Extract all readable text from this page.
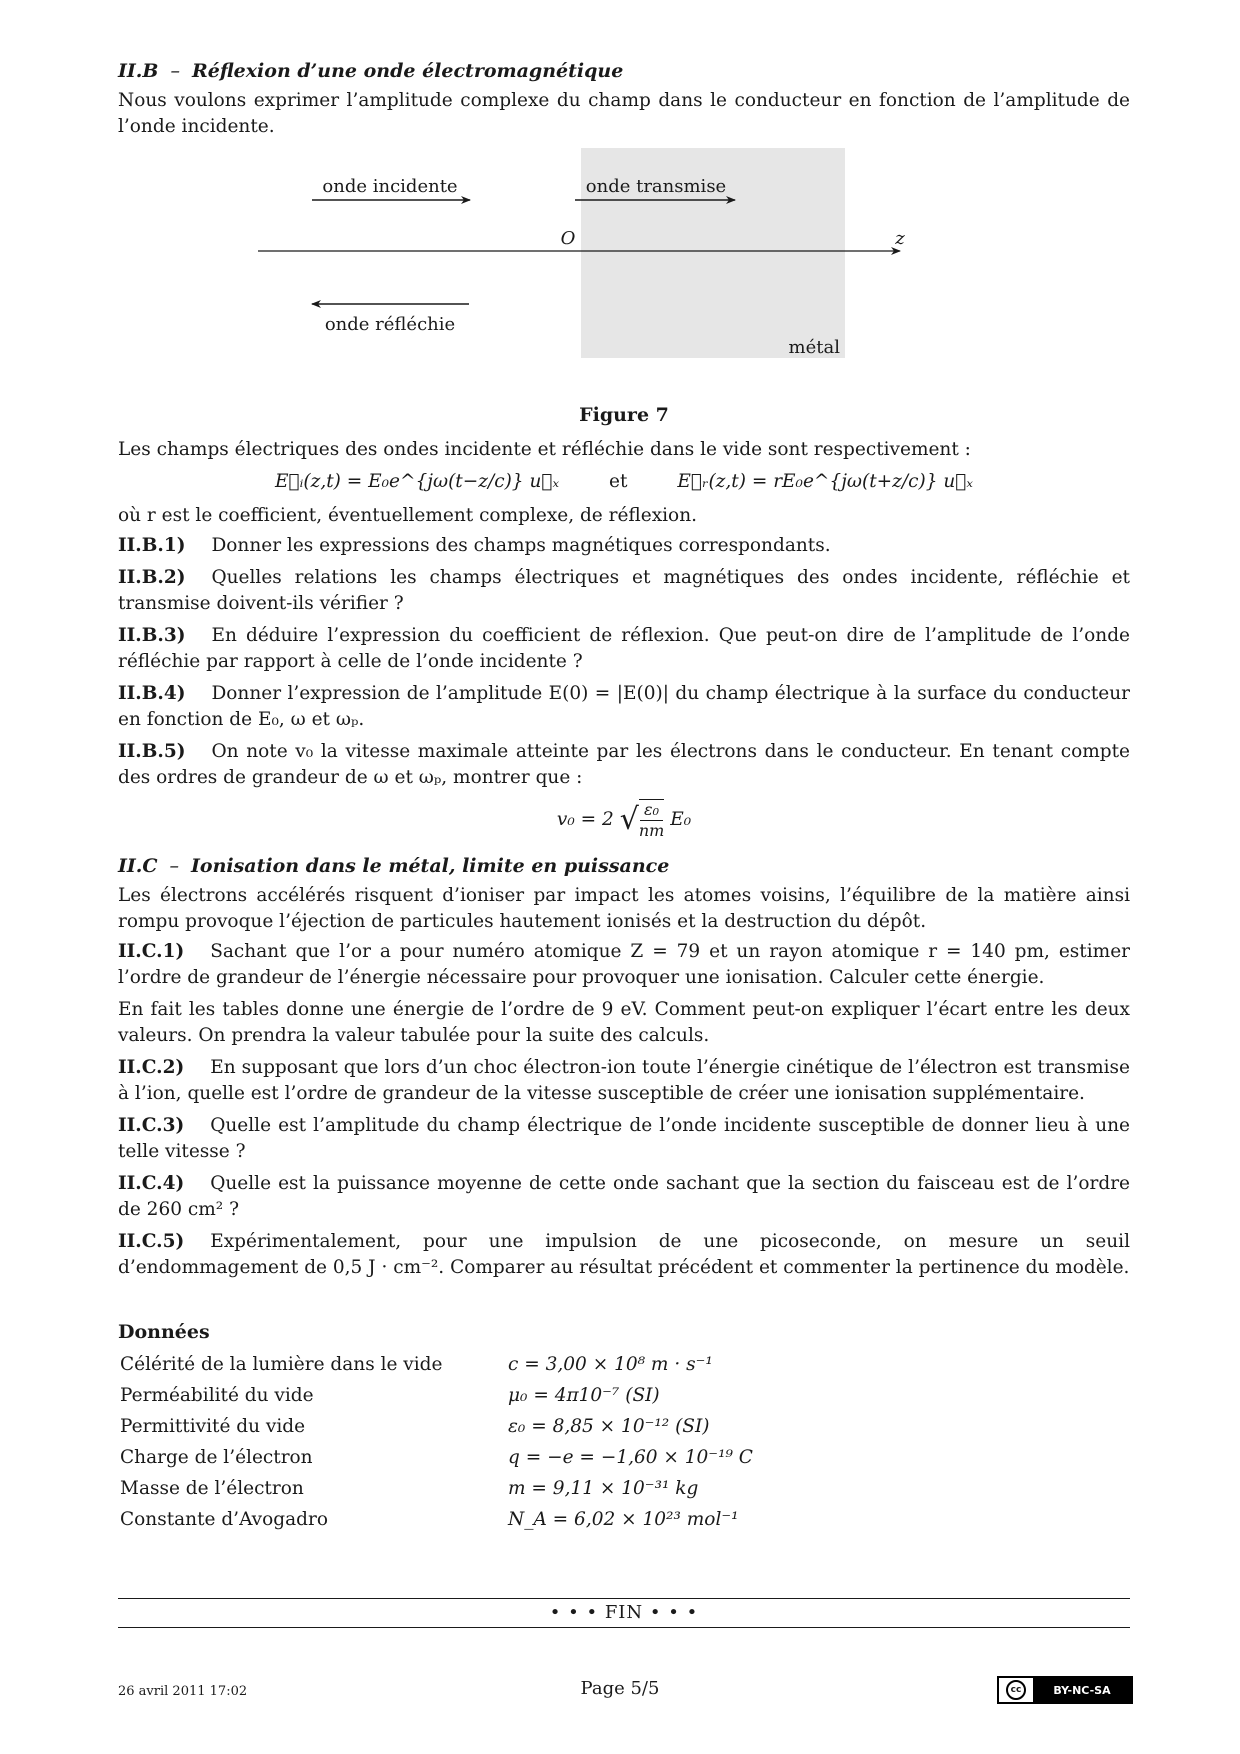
II.B – Réflexion d’une onde électromagnétique

Nous voulons exprimer l’amplitude complexe du champ dans le conducteur en fonction de l’amplitude de l’onde incidente.

onde incidente	onde transmise
onde réfléchie
O	z
métal
Figure 7

Les champs électriques des ondes incidente et réfléchie dans le vide sont respectivement :

E⃗ᵢ(z,t) = E₀e^{jω(t−z/c)} u⃗ₓ	et	E⃗ᵣ(z,t) = rE₀e^{jω(t+z/c)} u⃗ₓ

où r est le coefficient, éventuellement complexe, de réflexion.

II.B.1) Donner les expressions des champs magnétiques correspondants.
II.B.2) Quelles relations les champs électriques et magnétiques des ondes incidente, réfléchie et transmise doivent-ils vérifier ?
II.B.3) En déduire l’expression du coefficient de réflexion. Que peut-on dire de l’amplitude de l’onde réfléchie par rapport à celle de l’onde incidente ?
II.B.4) Donner l’expression de l’amplitude E(0) = |E(0)| du champ électrique à la surface du conducteur en fonction de E₀, ω et ωₚ.
II.B.5) On note v₀ la vitesse maximale atteinte par les électrons dans le conducteur. En tenant compte des ordres de grandeur de ω et ωₚ, montrer que :
v₀ = 2 √ $\frac{\text{ε₀}}{nm} E_0$
II.C – Ionisation dans le métal, limite en puissance

Les électrons accélérés risquent d’ioniser par impact les atomes voisins, l’équilibre de la matière ainsi rompu provoque l’éjection de particules hautement ionisés et la destruction du dépôt.

II.C.1) Sachant que l’or a pour numéro atomique Z = 79 et un rayon atomique r = 140 pm, estimer l’ordre de grandeur de l’énergie nécessaire pour provoquer une ionisation. Calculer cette énergie.
En fait les tables donne une énergie de l’ordre de 9 eV. Comment peut-on expliquer l’écart entre les deux valeurs. On prendra la valeur tabulée pour la suite des calculs.
II.C.2) En supposant que lors d’un choc électron-ion toute l’énergie cinétique de l’électron est transmise à l’ion, quelle est l’ordre de grandeur de la vitesse susceptible de créer une ionisation supplémentaire.
II.C.3) Quelle est l’amplitude du champ électrique de l’onde incidente susceptible de donner lieu à une telle vitesse ?
II.C.4) Quelle est la puissance moyenne de cette onde sachant que la section du faisceau est de l’ordre de 260 cm² ?
II.C.5) Expérimentalement, pour une impulsion de une picoseconde, on mesure un seuil d’endommagement de 0,5 J · cm⁻². Comparer au résultat précédent et commenter la pertinence du modèle.
Données
Célérité de la lumière dans le vide	c = 3,00 × 10⁸ m · s⁻¹
Perméabilité du vide	μ₀ = 4π10⁻⁷ (SI)
Permittivité du vide	ε₀ = 8,85 × 10⁻¹² (SI)
Charge de l’électron	q = −e = −1,60 × 10⁻¹⁹ C
Masse de l’électron	m = 9,11 × 10⁻³¹ kg
Constante d’Avogadro	N_A = 6,02 × 10²³ mol⁻¹
• • • FIN • • •
26 avril 2011 17:02	Page 5/5	cc	BY-NC-SA
